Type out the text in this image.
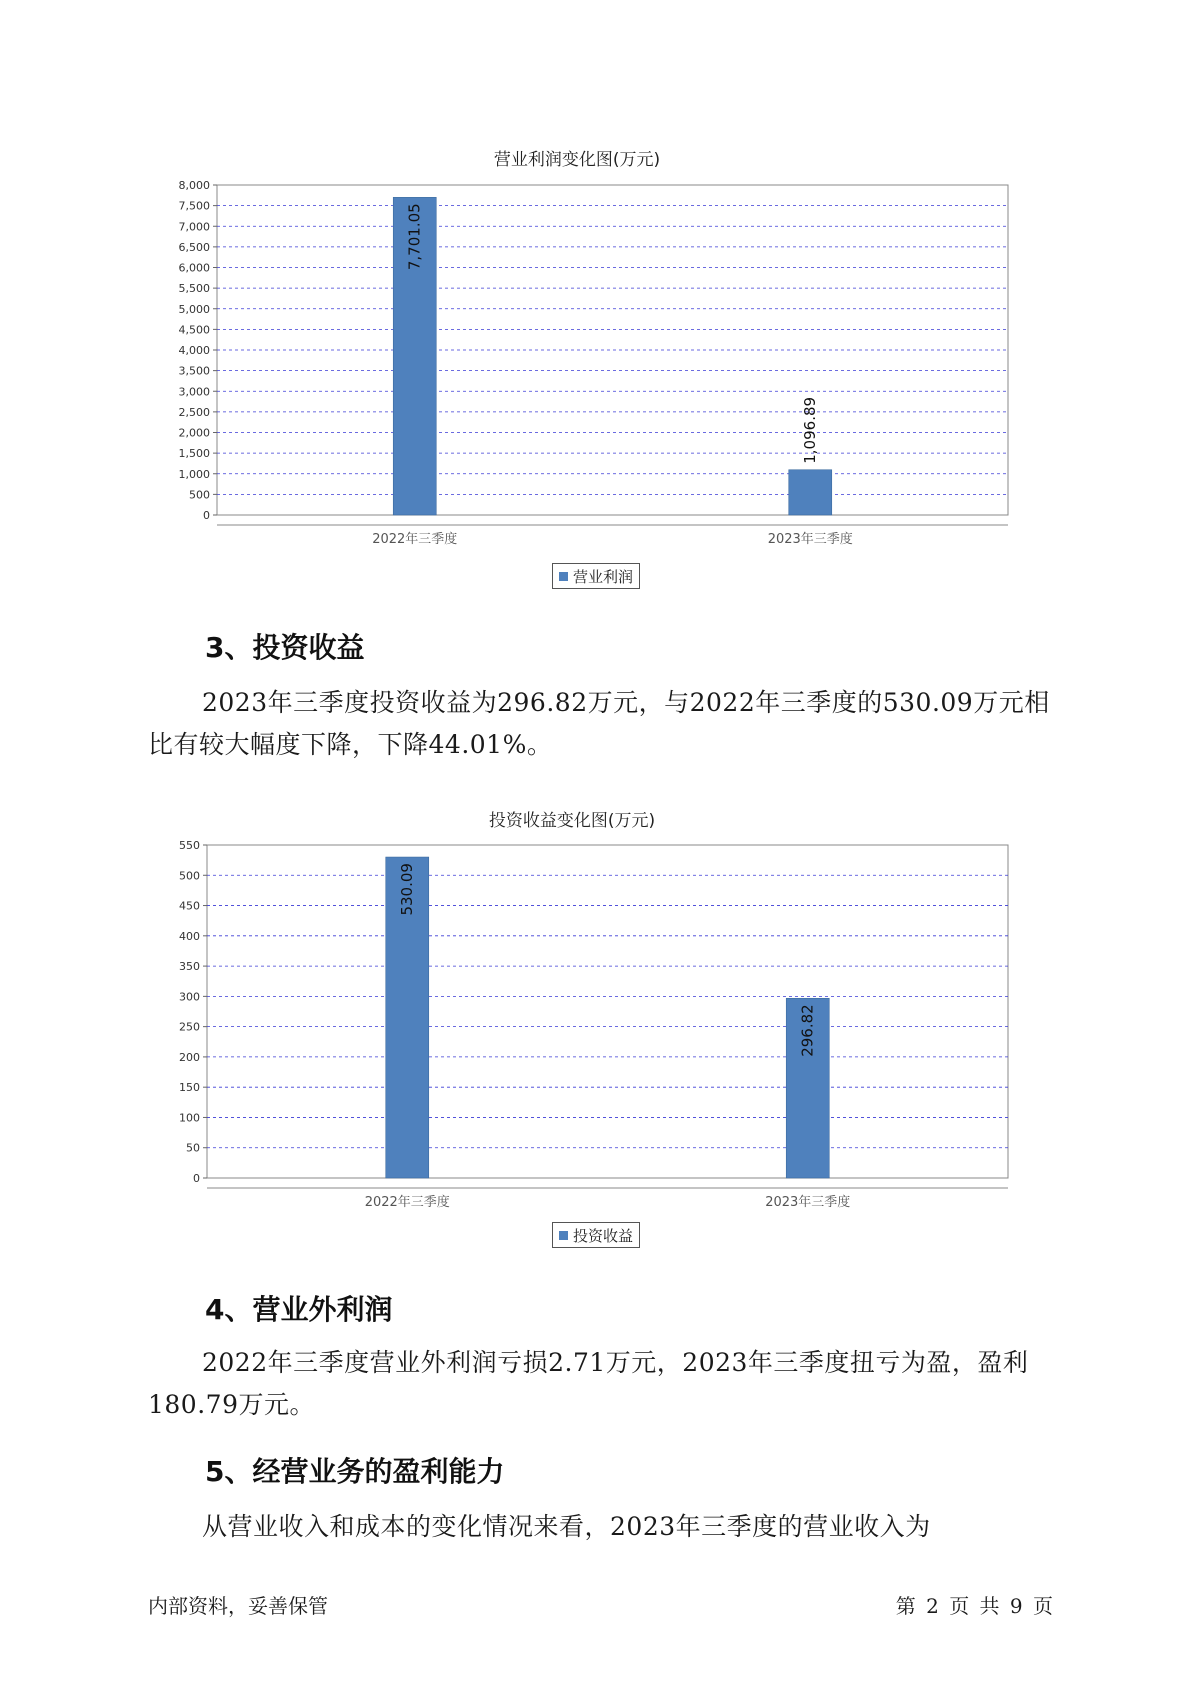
营业利润变化图(万元)
0
500
1,000
1,500
2,000
2,500
3,000
3,500
4,000
4,500
5,000
5,500
6,000
6,500
7,000
7,500
8,000
2022年三季度
7,701.05
2023年三季度
1,096.89
营业利润
3、投资收益

2023年三季度投资收益为296.82万元，与2022年三季度的530.09万元相比有较大幅度下降，下降44.01%。

投资收益变化图(万元)
0
50
100
150
200
250
300
350
400
450
500
550
2022年三季度
530.09
2023年三季度
296.82
投资收益
4、营业外利润

2022年三季度营业外利润亏损2.71万元，2023年三季度扭亏为盈，盈利180.79万元。

5、经营业务的盈利能力

从营业收入和成本的变化情况来看，2023年三季度的营业收入为

内部资料，妥善保管	第 2 页 共 9 页
